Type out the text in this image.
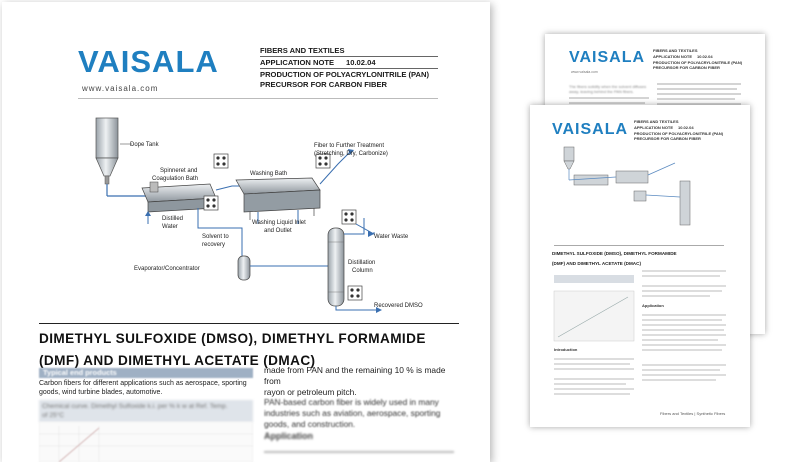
VAISALA
www.vaisala.com
FIBERS AND TEXTILES
APPLICATION NOTE 10.02.04
PRODUCTION OF POLYACRYLONITRILE (PAN)
PRECURSOR FOR CARBON FIBER
The fibers solidify when the solvent diffuses away, leaving behind the PAN fibers.
VAISALA FIBERS AND TEXTILES
APPLICATION NOTE 10.02.04
PRODUCTION OF POLYACRYLONITRILE (PAN)
PRECURSOR FOR CARBON FIBER
DIMETHYL SULFOXIDE (DMSO), DIMETHYL FORMAMIDE
(DMF) AND DIMETHYL ACETATE (DMAC)
Introduction
Application
Fibers and Textiles | Synthetic Fibers
VAISALA
www.vaisala.com
FIBERS AND TEXTILES
APPLICATION NOTE 10.02.04
PRODUCTION OF POLYACRYLONITRILE (PAN)
PRECURSOR FOR CARBON FIBER
Dope Tank
Spinneret and
Coagulation Bath
Washing Bath
Fiber to Further Treatment
(Stretching, Dry, Carbonize)
Distilled
Water
Washing Liquid Inlet
and Outlet
Solvent to
recovery
Evaporator/Concentrator
Water Waste
Distillation
Column
Recovered DMSO
DIMETHYL SULFOXIDE (DMSO), DIMETHYL FORMAMIDE
(DMF) AND DIMETHYL ACETATE (DMAC)
Typical end products
Carbon fibers for different applications such as aerospace, sporting
goods, wind turbine blades, automotive.
Chemical curve. Dimethyl Sulfoxide k.i. per % k w at Ref. Temp.
of 25°C
made from PAN and the remaining 10 % is made from
rayon or petroleum pitch.
PAN-based carbon fiber is widely used in many
industries such as aviation, aerospace, sporting
goods, and construction.
Application
